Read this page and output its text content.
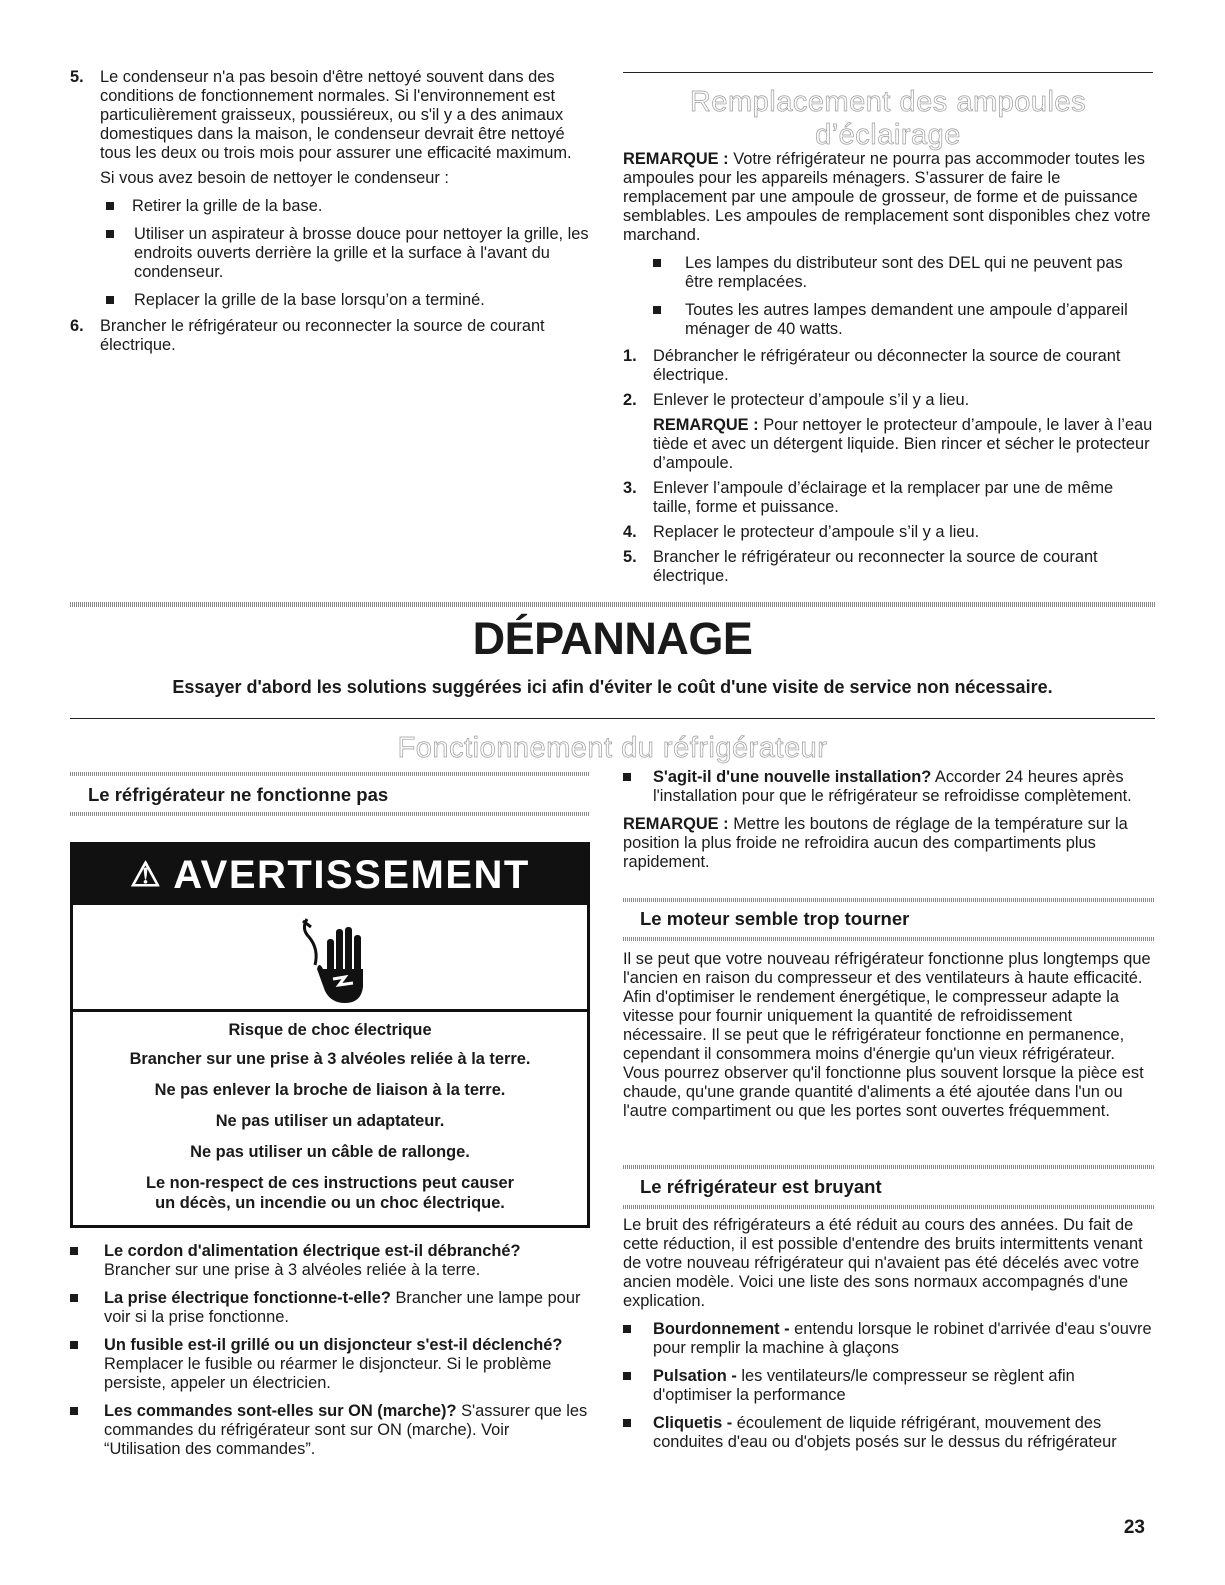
5. Le condenseur n'a pas besoin d'être nettoyé souvent dans des conditions de fonctionnement normales. Si l'environnement est particulièrement graisseux, poussiéreux, ou s'il y a des animaux domestiques dans la maison, le condenseur devrait être nettoyé tous les deux ou trois mois pour assurer une efficacité maximum.

Si vous avez besoin de nettoyer le condenseur :

Retirer la grille de la base.

Utiliser un aspirateur à brosse douce pour nettoyer la grille, les endroits ouverts derrière la grille et la surface à l'avant du condenseur.

Replacer la grille de la base lorsqu’on a terminé.

6. Brancher le réfrigérateur ou reconnecter la source de courant électrique.

Remplacement des ampoules
d’éclairage

REMARQUE : Votre réfrigérateur ne pourra pas accommoder toutes les ampoules pour les appareils ménagers. S’assurer de faire le remplacement par une ampoule de grosseur, de forme et de puissance semblables. Les ampoules de remplacement sont disponibles chez votre marchand.

Les lampes du distributeur sont des DEL qui ne peuvent pas être remplacées.

Toutes les autres lampes demandent une ampoule d’appareil ménager de 40 watts.

1. Débrancher le réfrigérateur ou déconnecter la source de courant électrique.

2. Enlever le protecteur d’ampoule s’il y a lieu.

REMARQUE : Pour nettoyer le protecteur d’ampoule, le laver à l’eau tiède et avec un détergent liquide. Bien rincer et sécher le protecteur d’ampoule.

3. Enlever l’ampoule d’éclairage et la remplacer par une de même taille, forme et puissance.

4. Replacer le protecteur d’ampoule s’il y a lieu.

5. Brancher le réfrigérateur ou reconnecter la source de courant électrique.

DÉPANNAGE
Essayer d'abord les solutions suggérées ici afin d'éviter le coût d'une visite de service non nécessaire.
Fonctionnement du réfrigérateur
Le réfrigérateur ne fonctionne pas
⚠ AVERTISSEMENT
Risque de choc électrique
Brancher sur une prise à 3 alvéoles reliée à la terre.
Ne pas enlever la broche de liaison à la terre.
Ne pas utiliser un adaptateur.
Ne pas utiliser un câble de rallonge.
Le non-respect de ces instructions peut causer
un décès, un incendie ou un choc électrique.

Le cordon d'alimentation électrique est-il débranché? Brancher sur une prise à 3 alvéoles reliée à la terre.

La prise électrique fonctionne-t-elle? Brancher une lampe pour voir si la prise fonctionne.

Un fusible est-il grillé ou un disjoncteur s'est-il déclenché? Remplacer le fusible ou réarmer le disjoncteur. Si le problème persiste, appeler un électricien.

Les commandes sont-elles sur ON (marche)? S'assurer que les commandes du réfrigérateur sont sur ON (marche). Voir “Utilisation des commandes”.

S'agit-il d'une nouvelle installation? Accorder 24 heures après l'installation pour que le réfrigérateur se refroidisse complètement.

REMARQUE : Mettre les boutons de réglage de la température sur la position la plus froide ne refroidira aucun des compartiments plus rapidement.

Le moteur semble trop tourner

Il se peut que votre nouveau réfrigérateur fonctionne plus longtemps que l'ancien en raison du compresseur et des ventilateurs à haute efficacité. Afin d'optimiser le rendement énergétique, le compresseur adapte la vitesse pour fournir uniquement la quantité de refroidissement nécessaire. Il se peut que le réfrigérateur fonctionne en permanence, cependant il consommera moins d'énergie qu'un vieux réfrigérateur. Vous pourrez observer qu'il fonctionne plus souvent lorsque la pièce est chaude, qu'une grande quantité d'aliments a été ajoutée dans l'un ou l'autre compartiment ou que les portes sont ouvertes fréquemment.

Le réfrigérateur est bruyant

Le bruit des réfrigérateurs a été réduit au cours des années. Du fait de cette réduction, il est possible d'entendre des bruits intermittents venant de votre nouveau réfrigérateur qui n'avaient pas été décelés avec votre ancien modèle. Voici une liste des sons normaux accompagnés d'une explication.

Bourdonnement - entendu lorsque le robinet d'arrivée d'eau s'ouvre pour remplir la machine à glaçons

Pulsation - les ventilateurs/le compresseur se règlent afin d'optimiser la performance

Cliquetis - écoulement de liquide réfrigérant, mouvement des conduites d'eau ou d'objets posés sur le dessus du réfrigérateur

23
